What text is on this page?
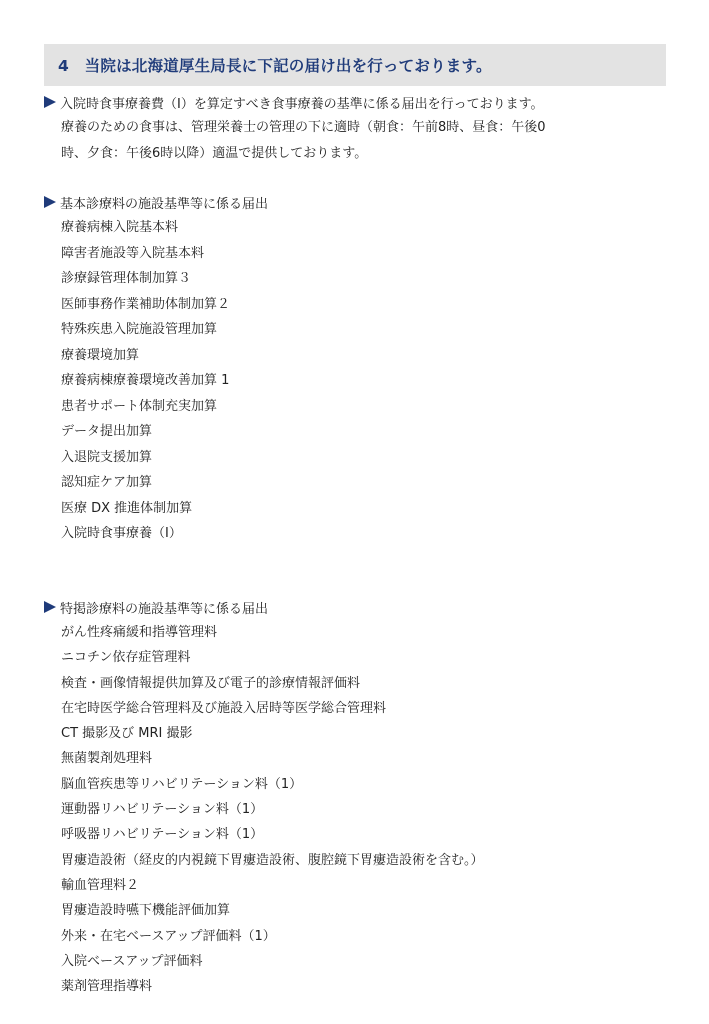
4　当院は北海道厚生局長に下記の届け出を行っております。
入院時食事療養費（Ⅰ）を算定すべき食事療養の基準に係る届出を行っております。
療養のための食事は、管理栄養士の管理の下に適時（朝食：午前8時、昼食：午後0
時、夕食：午後6時以降）適温で提供しております。
基本診療料の施設基準等に係る届出
療養病棟入院基本料
障害者施設等入院基本料
診療録管理体制加算３
医師事務作業補助体制加算２
特殊疾患入院施設管理加算
療養環境加算
療養病棟療養環境改善加算 1
患者サポート体制充実加算
データ提出加算
入退院支援加算
認知症ケア加算
医療 DX 推進体制加算
入院時食事療養（Ⅰ）
特掲診療料の施設基準等に係る届出
がん性疼痛緩和指導管理料
ニコチン依存症管理料
検査・画像情報提供加算及び電子的診療情報評価料
在宅時医学総合管理料及び施設入居時等医学総合管理料
CT 撮影及び MRI 撮影
無菌製剤処理料
脳血管疾患等リハビリテーション料（1）
運動器リハビリテーション料（1）
呼吸器リハビリテーション料（1）
胃瘻造設術（経皮的内視鏡下胃瘻造設術、腹腔鏡下胃瘻造設術を含む。）
輸血管理料２
胃瘻造設時嚥下機能評価加算
外来・在宅ベースアップ評価料（1）
入院ベースアップ評価料
薬剤管理指導料
